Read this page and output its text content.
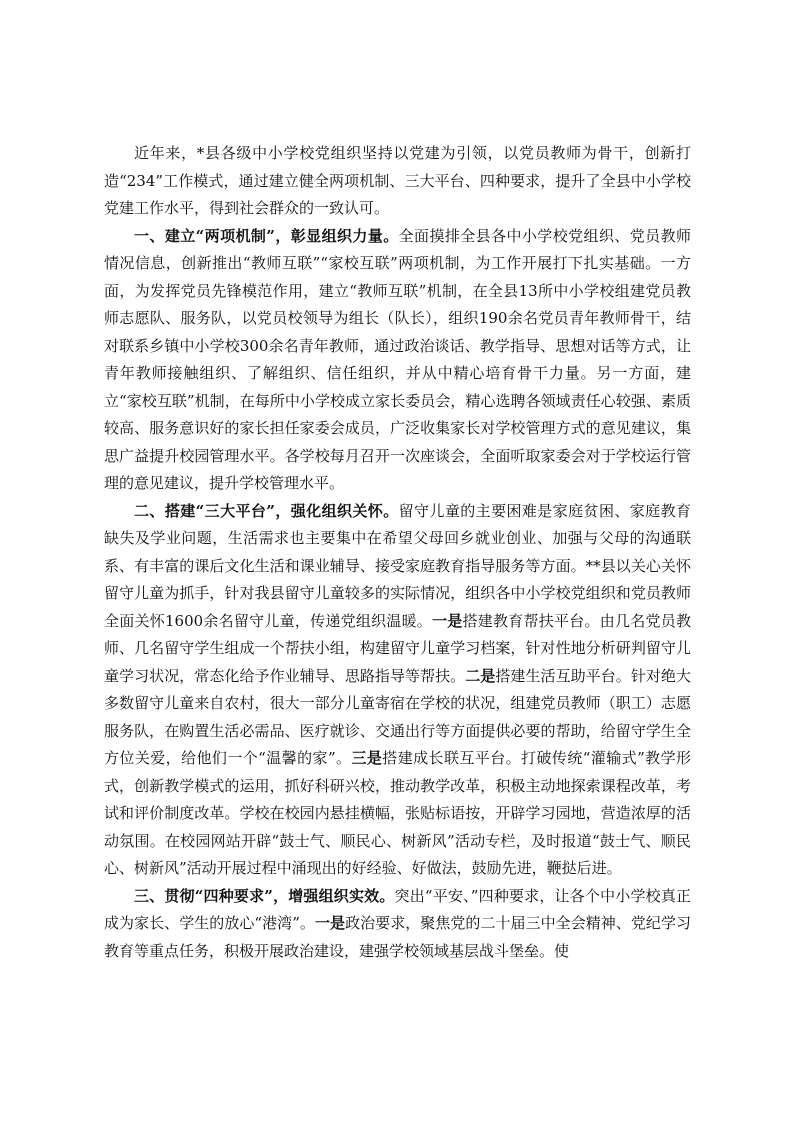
近年来，*县各级中小学校党组织坚持以党建为引领，以党员教师为骨干，创新打造“234”工作模式，通过建立健全两项机制、三大平台、四种要求，提升了全县中小学校党建工作水平，得到社会群众的一致认可。

一、建立“两项机制”，彰显组织力量。全面摸排全县各中小学校党组织、党员教师情况信息，创新推出“教师互联”“家校互联”两项机制，为工作开展打下扎实基础。一方面，为发挥党员先锋模范作用，建立“教师互联”机制，在全县13所中小学校组建党员教师志愿队、服务队，以党员校领导为组长（队长），组织190余名党员青年教师骨干，结对联系乡镇中小学校300余名青年教师，通过政治谈话、教学指导、思想对话等方式，让青年教师接触组织、了解组织、信任组织，并从中精心培育骨干力量。另一方面，建立“家校互联”机制，在每所中小学校成立家长委员会，精心选聘各领域责任心较强、素质较高、服务意识好的家长担任家委会成员，广泛收集家长对学校管理方式的意见建议，集思广益提升校园管理水平。各学校每月召开一次座谈会，全面听取家委会对于学校运行管理的意见建议，提升学校管理水平。

二、搭建“三大平台”，强化组织关怀。留守儿童的主要困难是家庭贫困、家庭教育缺失及学业问题，生活需求也主要集中在希望父母回乡就业创业、加强与父母的沟通联系、有丰富的课后文化生活和课业辅导、接受家庭教育指导服务等方面。**县以关心关怀留守儿童为抓手，针对我县留守儿童较多的实际情况，组织各中小学校党组织和党员教师全面关怀1600余名留守儿童，传递党组织温暖。一是搭建教育帮扶平台。由几名党员教师、几名留守学生组成一个帮扶小组，构建留守儿童学习档案，针对性地分析研判留守儿童学习状况，常态化给予作业辅导、思路指导等帮扶。二是搭建生活互助平台。针对绝大多数留守儿童来自农村，很大一部分儿童寄宿在学校的状况，组建党员教师（职工）志愿服务队，在购置生活必需品、医疗就诊、交通出行等方面提供必要的帮助，给留守学生全方位关爱，给他们一个“温馨的家”。三是搭建成长联互平台。打破传统“灌输式”教学形式，创新教学模式的运用，抓好科研兴校，推动教学改革，积极主动地探索课程改革，考试和评价制度改革。学校在校园内悬挂横幅，张贴标语按，开辟学习园地，营造浓厚的活动氛围。在校园网站开辟“鼓士气、顺民心、树新风”活动专栏，及时报道“鼓士气、顺民心、树新风”活动开展过程中涌现出的好经验、好做法，鼓励先进，鞭挞后进。

三、贯彻“四种要求”，增强组织实效。突出“平安、”四种要求，让各个中小学校真正成为家长、学生的放心“港湾”。一是政治要求，聚焦党的二十届三中全会精神、党纪学习教育等重点任务，积极开展政治建设，建强学校领域基层战斗堡垒。使
